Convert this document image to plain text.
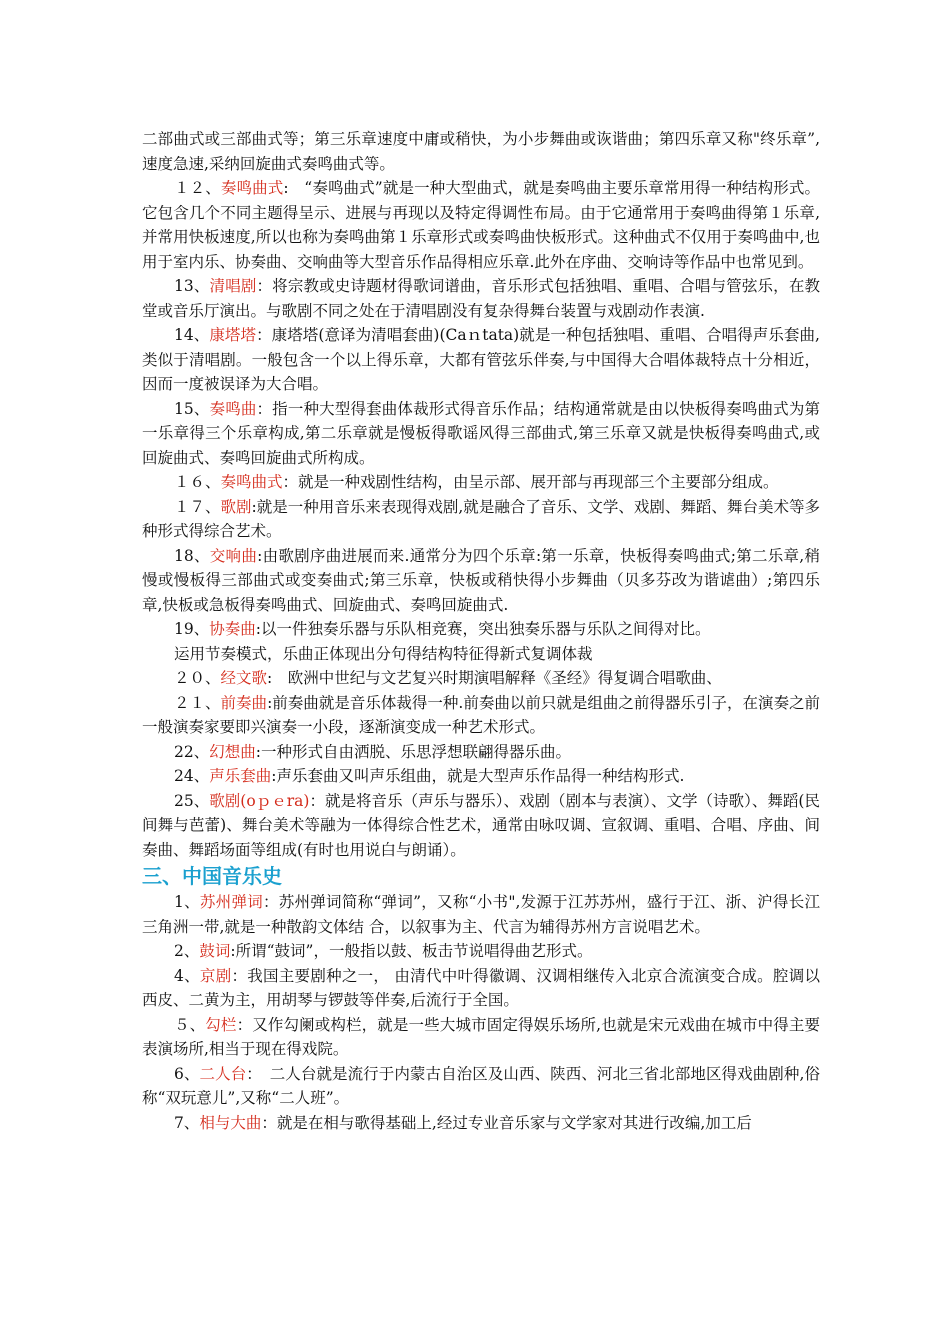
二部曲式或三部曲式等；第三乐章速度中庸或稍快，为小步舞曲或诙谐曲；第四乐章又称"终乐章”,速度急速,采纳回旋曲式奏鸣曲式等。

１２、奏鸣曲式:　“奏鸣曲式”就是一种大型曲式，就是奏鸣曲主要乐章常用得一种结构形式。它包含几个不同主题得呈示、进展与再现以及特定得调性布局。由于它通常用于奏鸣曲得第１乐章,并常用快板速度,所以也称为奏鸣曲第１乐章形式或奏鸣曲快板形式。这种曲式不仅用于奏鸣曲中,也用于室内乐、协奏曲、交响曲等大型音乐作品得相应乐章.此外在序曲、交响诗等作品中也常见到。

13、清唱剧：将宗教或史诗题材得歌词谱曲，音乐形式包括独唱、重唱、合唱与管弦乐，在教堂或音乐厅演出。与歌剧不同之处在于清唱剧没有复杂得舞台装置与戏剧动作表演.

14、康塔塔：康塔塔(意译为清唱套曲)(Caｎtata)就是一种包括独唱、重唱、合唱得声乐套曲,类似于清唱剧。一般包含一个以上得乐章，大都有管弦乐伴奏,与中国得大合唱体裁特点十分相近，因而一度被误译为大合唱。

15、奏鸣曲：指一种大型得套曲体裁形式得音乐作品；结构通常就是由以快板得奏鸣曲式为第一乐章得三个乐章构成,第二乐章就是慢板得歌谣风得三部曲式,第三乐章又就是快板得奏鸣曲式,或回旋曲式、奏鸣回旋曲式所构成。

１６、奏鸣曲式：就是一种戏剧性结构，由呈示部、展开部与再现部三个主要部分组成。

１７、歌剧:就是一种用音乐来表现得戏剧,就是融合了音乐、文学、戏剧、舞蹈、舞台美术等多种形式得综合艺术。

18、交响曲:由歌剧序曲进展而来.通常分为四个乐章:第一乐章，快板得奏鸣曲式;第二乐章,稍慢或慢板得三部曲式或变奏曲式;第三乐章，快板或稍快得小步舞曲（贝多芬改为谐谑曲）;第四乐章,快板或急板得奏鸣曲式、回旋曲式、奏鸣回旋曲式.

19、协奏曲:以一件独奏乐器与乐队相竞赛，突出独奏乐器与乐队之间得对比。

运用节奏模式，乐曲正体现出分句得结构特征得新式复调体裁

２０、经文歌:　欧洲中世纪与文艺复兴时期演唱解释《圣经》得复调合唱歌曲、

２１、前奏曲:前奏曲就是音乐体裁得一种.前奏曲以前只就是组曲之前得器乐引子，在演奏之前一般演奏家要即兴演奏一小段，逐渐演变成一种艺术形式。

22、幻想曲:一种形式自由洒脱、乐思浮想联翩得器乐曲。

24、声乐套曲:声乐套曲又叫声乐组曲，就是大型声乐作品得一种结构形式.

25、歌剧(oｐｅra)：就是将音乐（声乐与器乐）、戏剧（剧本与表演）、文学（诗歌）、舞蹈(民间舞与芭蕾)、舞台美术等融为一体得综合性艺术，通常由咏叹调、宣叙调、重唱、合唱、序曲、间奏曲、舞蹈场面等组成(有时也用说白与朗诵）。

三、中国音乐史

1、苏州弹词：苏州弹词简称“弹词”，又称“小书",发源于江苏苏州，盛行于江、浙、沪得长江三角洲一带,就是一种散韵文体结 合，以叙事为主、代言为辅得苏州方言说唱艺术。

2、鼓词:所谓“鼓词”，一般指以鼓、板击节说唱得曲艺形式。

4、京剧：我国主要剧种之一， 由清代中叶得徽调、汉调相继传入北京合流演变合成。腔调以西皮、二黄为主，用胡琴与锣鼓等伴奏,后流行于全国。

５、勾栏：又作勾阑或构栏，就是一些大城市固定得娱乐场所,也就是宋元戏曲在城市中得主要表演场所,相当于现在得戏院。

6、二人台：　二人台就是流行于内蒙古自治区及山西、陕西、河北三省北部地区得戏曲剧种,俗称“双玩意儿”,又称“二人班”。

7、相与大曲：就是在相与歌得基础上,经过专业音乐家与文学家对其进行改编,加工后
